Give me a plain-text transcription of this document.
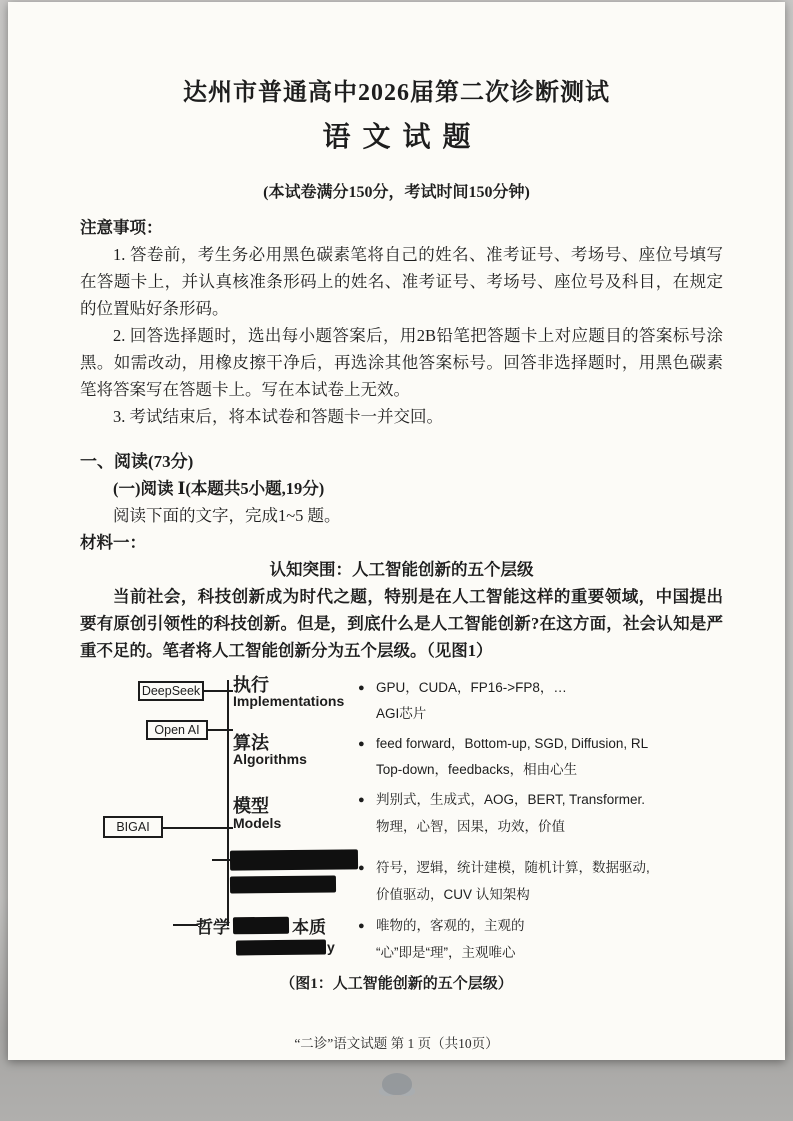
达州市普通高中2026届第二次诊断测试
语文试题
(本试卷满分150分，考试时间150分钟)
注意事项：

1. 答卷前，考生务必用黑色碳素笔将自己的姓名、准考证号、考场号、座位号填写在答题卡上，并认真核准条形码上的姓名、准考证号、考场号、座位号及科目，在规定的位置贴好条形码。

2. 回答选择题时，选出每小题答案后，用2B铅笔把答题卡上对应题目的答案标号涂黑。如需改动，用橡皮擦干净后，再选涂其他答案标号。回答非选择题时，用黑色碳素笔将答案写在答题卡上。写在本试卷上无效。

3. 考试结束后，将本试卷和答题卡一并交回。

一、阅读(73分)
(一)阅读 Ⅰ(本题共5小题,19分)

阅读下面的文字，完成1~5 题。

材料一：
认知突围：人工智能创新的五个层级

当前社会，科技创新成为时代之题，特别是在人工智能这样的重要领域，中国提出要有原创引领性的科技创新。但是，到底什么是人工智能创新?在这方面，社会认知是严重不足的。笔者将人工智能创新分为五个层级。（见图1）

DeepSeek
Open AI
BIGAI
执行
Implementations
● GPU，CUDA，FP16->FP8，…
AGI芯片
算法
Algorithms
● feed forward，Bottom-up, SGD, Diffusion, RL
Top-down，feedbacks，相由心生
模型
Models
● 判别式，生成式，AOG，BERT, Transformer.
物理，心智，因果，功效，价值
● 符号，逻辑，统计建模，随机计算，数据驱动,
价值驱动，CUV 认知架构
哲学	本质
y
● 唯物的，客观的，主观的
“心”即是“理”，主观唯心
（图1：人工智能创新的五个层级）
“二诊”语文试题 第 1 页（共10页）
